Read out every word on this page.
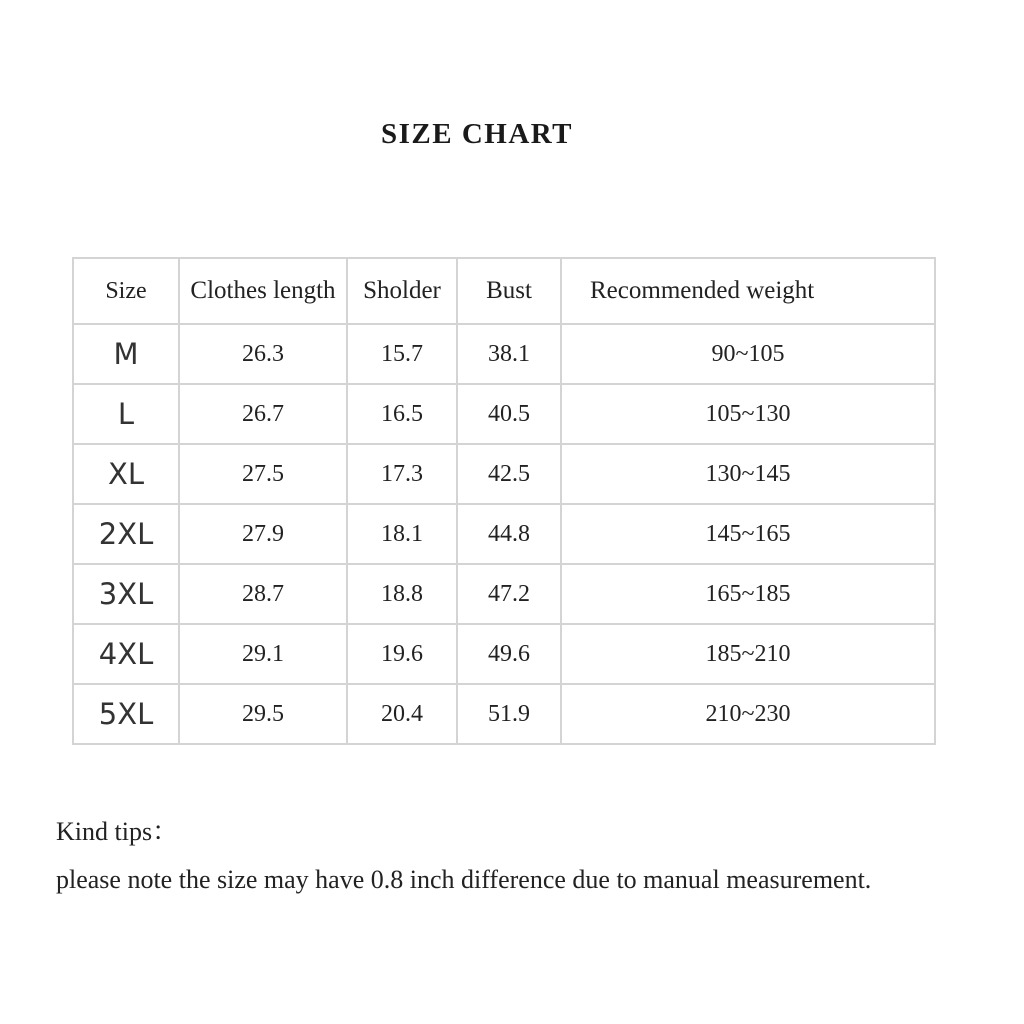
SIZE CHART
Size	Clothes length	Sholder	Bust	Recommended weight
M	26.3	15.7	38.1	90~105
L	26.7	16.5	40.5	105~130
XL	27.5	17.3	42.5	130~145
2XL	27.9	18.1	44.8	145~165
3XL	28.7	18.8	47.2	165~185
4XL	29.1	19.6	49.6	185~210
5XL	29.5	20.4	51.9	210~230
Kind tips：
please note the size may have 0.8 inch difference due to manual measurement.
